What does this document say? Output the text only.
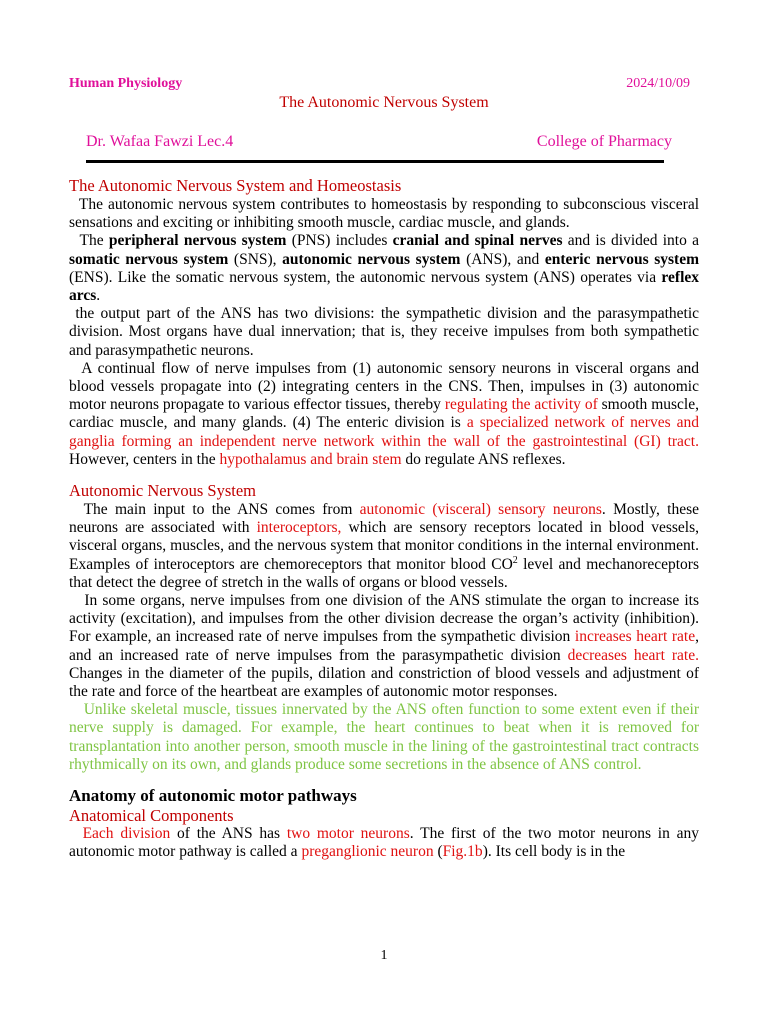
Human Physiology	2024/10/09
The Autonomic Nervous System
Dr. Wafaa Fawzi Lec.4	College of Pharmacy
The Autonomic Nervous System and Homeostasis

The autonomic nervous system contributes to homeostasis by responding to subconscious visceral sensations and exciting or inhibiting smooth muscle, cardiac muscle, and glands.

The peripheral nervous system (PNS) includes cranial and spinal nerves and is divided into a somatic nervous system (SNS), autonomic nervous system (ANS), and enteric nervous system (ENS). Like the somatic nervous system, the autonomic nervous system (ANS) operates via reflex arcs.

the output part of the ANS has two divisions: the sympathetic division and the parasympathetic division. Most organs have dual innervation; that is, they receive impulses from both sympathetic and parasympathetic neurons.

A continual flow of nerve impulses from (1) autonomic sensory neurons in visceral organs and blood vessels propagate into (2) integrating centers in the CNS. Then, impulses in (3) autonomic motor neurons propagate to various effector tissues, thereby regulating the activity of smooth muscle, cardiac muscle, and many glands. (4) The enteric division is a specialized network of nerves and ganglia forming an independent nerve network within the wall of the gastrointestinal (GI) tract. However, centers in the hypothalamus and brain stem do regulate ANS reflexes.

Autonomic Nervous System

The main input to the ANS comes from autonomic (visceral) sensory neurons. Mostly, these neurons are associated with interoceptors, which are sensory receptors located in blood vessels, visceral organs, muscles, and the nervous system that monitor conditions in the internal environment. Examples of interoceptors are chemoreceptors that monitor blood $CO^2$ level and mechanoreceptors that detect the degree of stretch in the walls of organs or blood vessels.

In some organs, nerve impulses from one division of the ANS stimulate the organ to increase its activity (excitation), and impulses from the other division decrease the organ’s activity (inhibition). For example, an increased rate of nerve impulses from the sympathetic division increases heart rate, and an increased rate of nerve impulses from the parasympathetic division decreases heart rate. Changes in the diameter of the pupils, dilation and constriction of blood vessels and adjustment of the rate and force of the heartbeat are examples of autonomic motor responses.

Unlike skeletal muscle, tissues innervated by the ANS often function to some extent even if their nerve supply is damaged. For example, the heart continues to beat when it is removed for transplantation into another person, smooth muscle in the lining of the gastrointestinal tract contracts rhythmically on its own, and glands produce some secretions in the absence of ANS control.

Anatomy of autonomic motor pathways
Anatomical Components

Each division of the ANS has two motor neurons. The first of the two motor neurons in any autonomic motor pathway is called a preganglionic neuron (Fig.1b). Its cell body is in the

1
